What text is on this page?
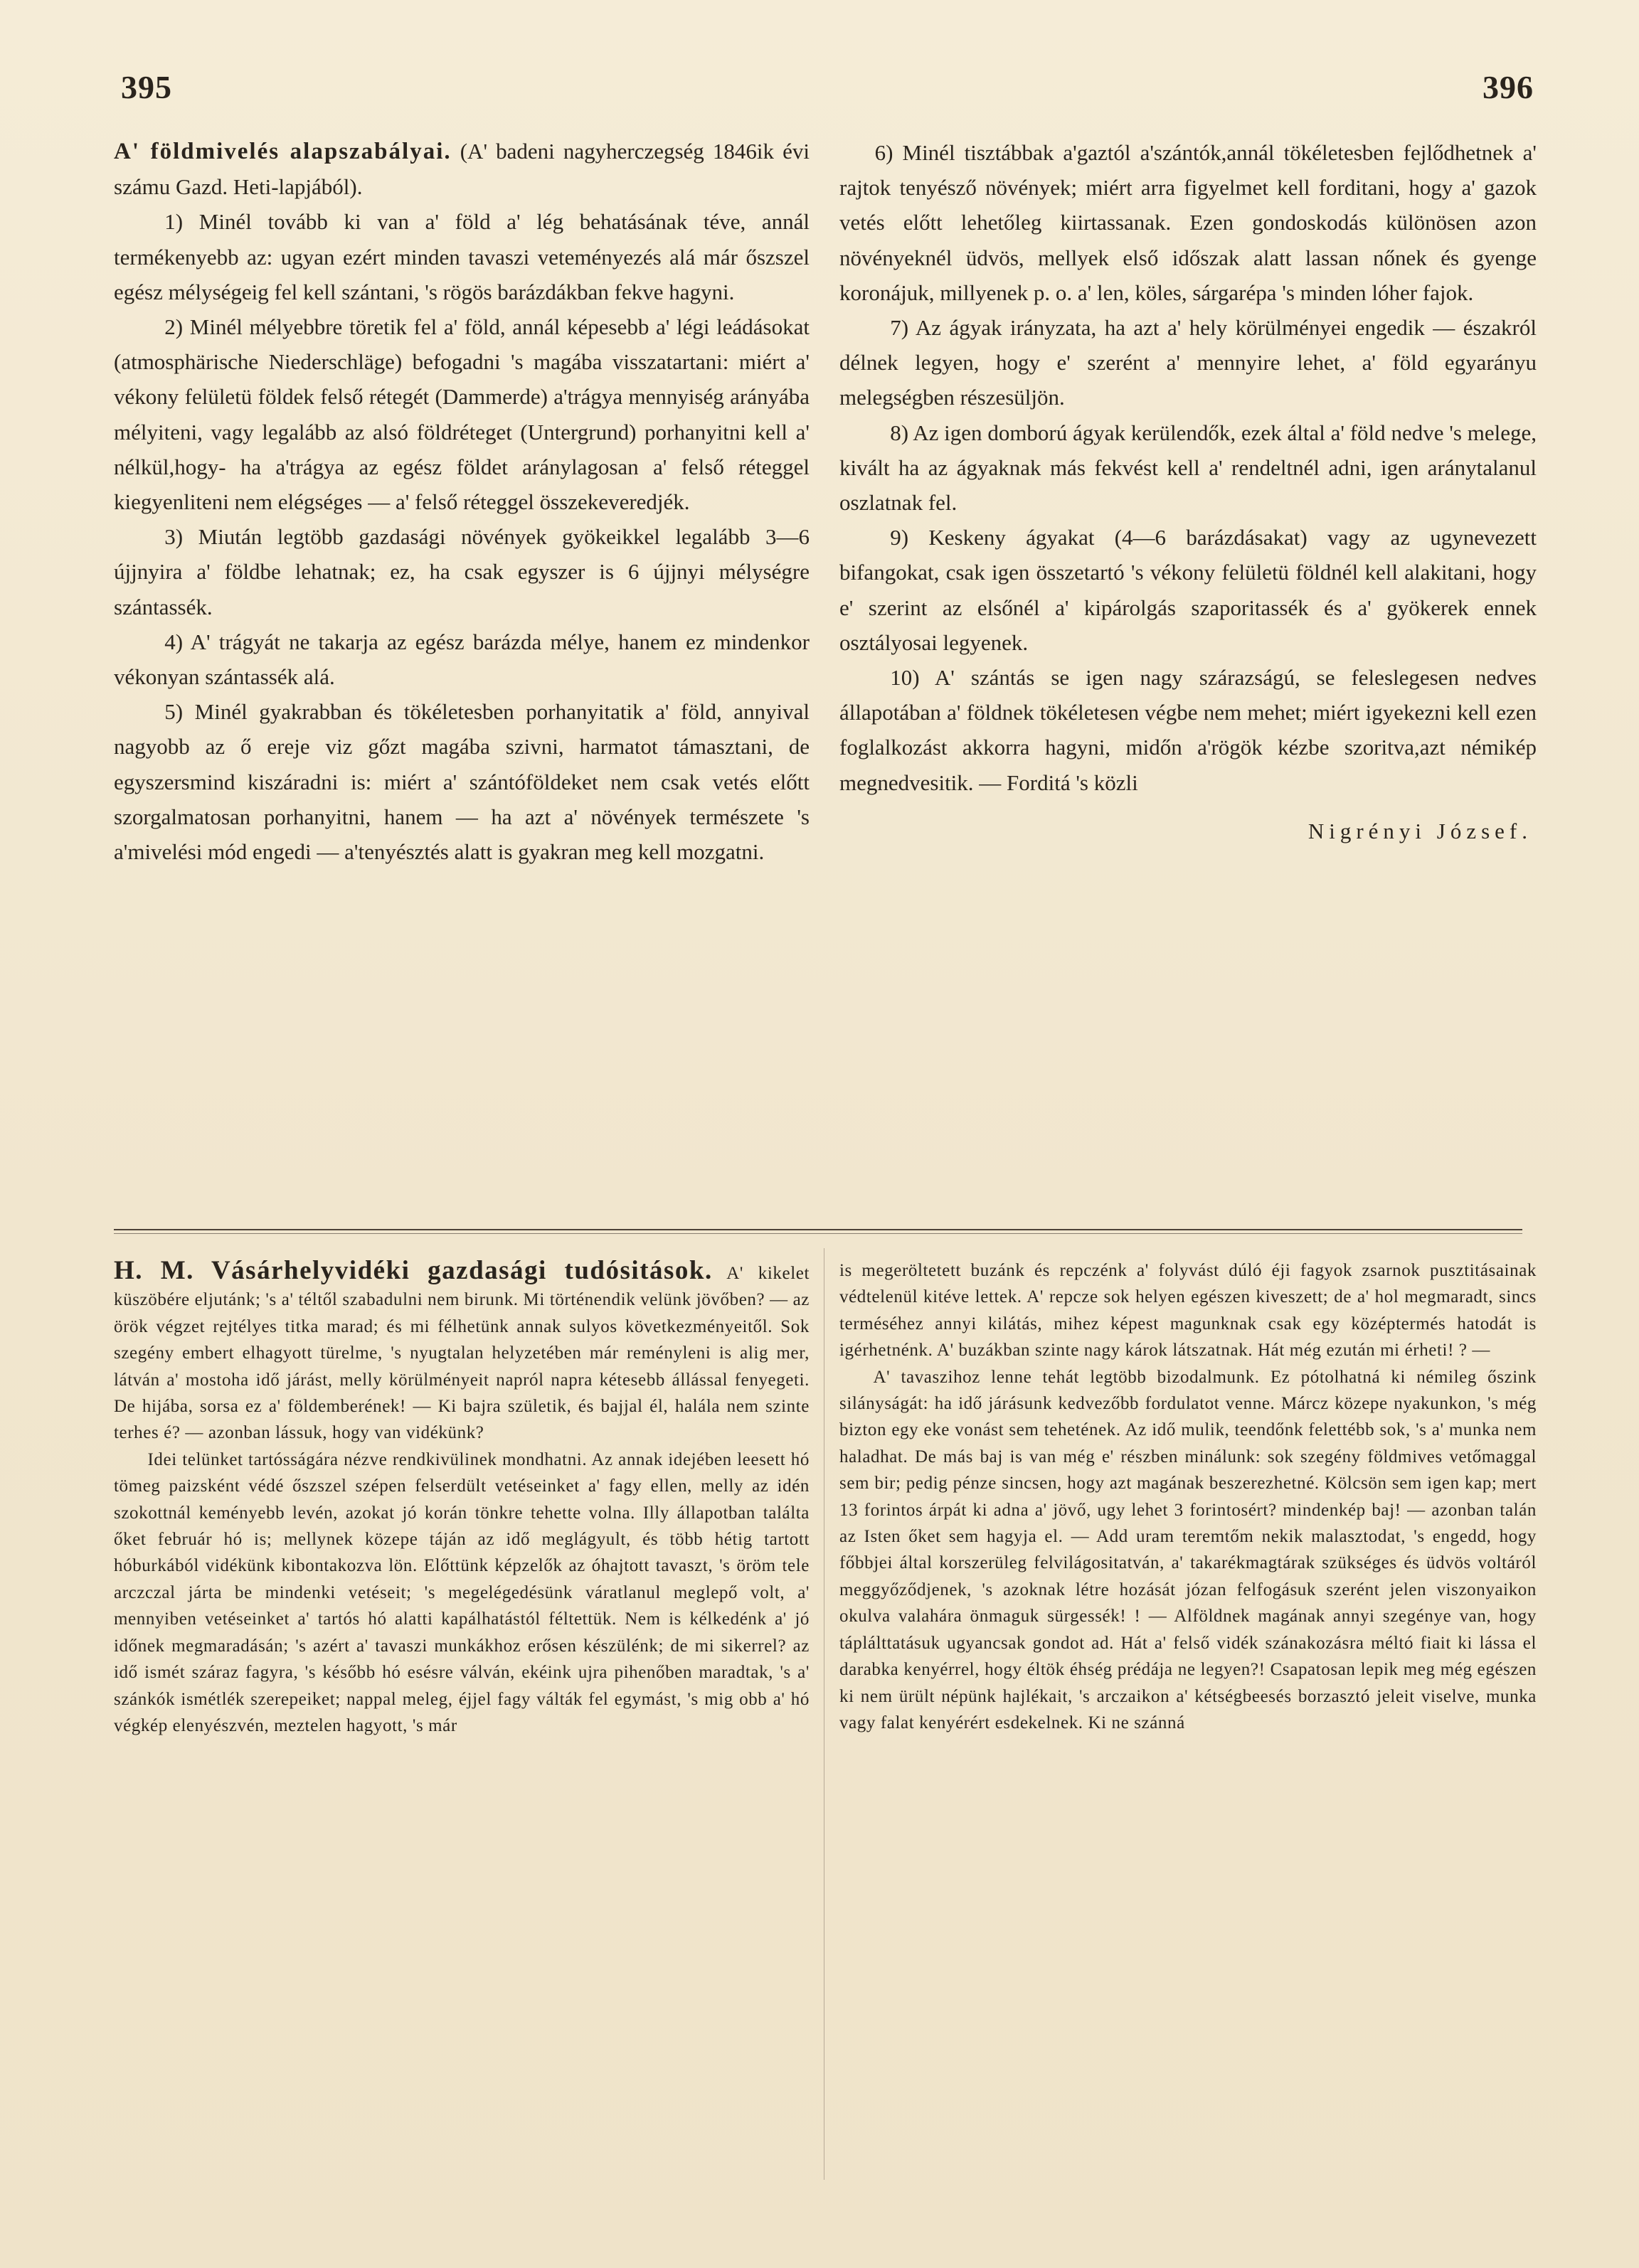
395	396

A' földmivelés alapszabályai. (A' badeni nagyherczegség 1846ik évi számu Gazd. Heti-lapjából).

1) Minél tovább ki van a' föld a' lég behatásának téve, annál termékenyebb az: ugyan ezért minden tavaszi veteményezés alá már őszszel egész mélységeig fel kell szántani, 's rögös barázdákban fekve hagyni.

2) Minél mélyebbre töretik fel a' föld, annál képesebb a' légi leádásokat (atmosphärische Niederschläge) befogadni 's magába visszatartani: miért a' vékony felületü földek felső rétegét (Dammerde) a'trágya mennyiség arányába mélyiteni, vagy legalább az alsó földréteget (Untergrund) porhanyitni kell a' nélkül,hogy- ha a'trágya az egész földet aránylagosan a' felső réteggel kiegyenliteni nem elégséges — a' felső réteggel összekeveredjék.

3) Miután legtöbb gazdasági növények gyökeikkel legalább 3—6 újjnyira a' földbe lehatnak; ez, ha csak egyszer is 6 újjnyi mélységre szántassék.

4) A' trágyát ne takarja az egész barázda mélye, hanem ez mindenkor vékonyan szántassék alá.

5) Minél gyakrabban és tökéletesben porhanyitatik a' föld, annyival nagyobb az ő ereje viz gőzt magába szivni, harmatot támasztani, de egyszersmind kiszáradni is: miért a' szántóföldeket nem csak vetés előtt szorgalmatosan porhanyitni, hanem — ha azt a' növények természete 's a'mivelési mód engedi — a'tenyésztés alatt is gyakran meg kell mozgatni.

6) Minél tisztábbak a'gaztól a'szántók,annál tökéletesben fejlődhetnek a' rajtok tenyésző növények; miért arra figyelmet kell forditani, hogy a' gazok vetés előtt lehetőleg kiirtassanak. Ezen gondoskodás különösen azon növényeknél üdvös, mellyek első időszak alatt lassan nőnek és gyenge koronájuk, millyenek p. o. a' len, köles, sárgarépa 's minden lóher fajok.

7) Az ágyak irányzata, ha azt a' hely körülményei engedik — északról délnek legyen, hogy e' szerént a' mennyire lehet, a' föld egyarányu melegségben részesüljön.

8) Az igen domború ágyak kerülendők, ezek által a' föld nedve 's melege, kivált ha az ágyaknak más fekvést kell a' rendeltnél adni, igen aránytalanul oszlatnak fel.

9) Keskeny ágyakat (4—6 barázdásakat) vagy az ugynevezett bifangokat, csak igen összetartó 's vékony felületü földnél kell alakitani, hogy e' szerint az elsőnél a' kipárolgás szaporitassék és a' gyökerek ennek osztályosai legyenek.

10) A' szántás se igen nagy szárazságú, se feleslegesen nedves állapotában a' földnek tökéletesen végbe nem mehet; miért igyekezni kell ezen foglalkozást akkorra hagyni, midőn a'rögök kézbe szoritva,azt némikép megnedvesitik. — Forditá 's közli

Nigrényi József.

H. M. Vásárhelyvidéki gazdasági tudósitások. A' kikelet küszöbére eljutánk; 's a' téltől szabadulni nem birunk. Mi történendik velünk jövőben? — az örök végzet rejtélyes titka marad; és mi félhetünk annak sulyos következményeitől. Sok szegény embert elhagyott türelme, 's nyugtalan helyzetében már reményleni is alig mer, látván a' mostoha idő járást, melly körülményeit napról napra kétesebb állással fenyegeti. De hijába, sorsa ez a' földemberének! — Ki bajra születik, és bajjal él, halála nem szinte terhes é? — azonban lássuk, hogy van vidékünk?

Idei telünket tartósságára nézve rendkivülinek mondhatni. Az annak idejében leesett hó tömeg paizsként védé őszszel szépen felserdült vetéseinket a' fagy ellen, melly az idén szokottnál keményebb levén, azokat jó korán tönkre tehette volna. Illy állapotban találta őket február hó is; mellynek közepe táján az idő meglágyult, és több hétig tartott hóburkából vidékünk kibontakozva lön. Előttünk képzelők az óhajtott tavaszt, 's öröm tele arczczal járta be mindenki vetéseit; 's megelégedésünk váratlanul meglepő volt, a' mennyiben vetéseinket a' tartós hó alatti kapálhatástól féltettük. Nem is kélkedénk a' jó időnek megmaradásán; 's azért a' tavaszi munkákhoz erősen készülénk; de mi sikerrel? az idő ismét száraz fagyra, 's később hó esésre válván, ekéink ujra pihenőben maradtak, 's a' szánkók ismétlék szerepeiket; nappal meleg, éjjel fagy válták fel egymást, 's mig obb a' hó végkép elenyészvén, meztelen hagyott, 's már

is megeröltetett buzánk és repczénk a' folyvást dúló éji fagyok zsarnok pusztitásainak védtelenül kitéve lettek. A' repcze sok helyen egészen kiveszett; de a' hol megmaradt, sincs terméséhez annyi kilátás, mihez képest magunknak csak egy középtermés hatodát is igérhetnénk. A' buzákban szinte nagy károk látszatnak. Hát még ezután mi érheti! ? —

A' tavaszihoz lenne tehát legtöbb bizodalmunk. Ez pótolhatná ki némileg őszink silányságát: ha idő járásunk kedvezőbb fordulatot venne. Márcz közepe nyakunkon, 's még bizton egy eke vonást sem tehetének. Az idő mulik, teendőnk felettébb sok, 's a' munka nem haladhat. De más baj is van még e' részben minálunk: sok szegény földmives vetőmaggal sem bir; pedig pénze sincsen, hogy azt magának beszerezhetné. Kölcsön sem igen kap; mert 13 forintos árpát ki adna a' jövő, ugy lehet 3 forintosért? mindenkép baj! — azonban talán az Isten őket sem hagyja el. — Add uram teremtőm nekik malasztodat, 's engedd, hogy főbbjei által korszerüleg felvilágositatván, a' takarékmagtárak szükséges és üdvös voltáról meggyőződjenek, 's azoknak létre hozását józan felfogásuk szerént jelen viszonyaikon okulva valahára önmaguk sürgessék! ! — Alföldnek magának annyi szegénye van, hogy táplálttatásuk ugyancsak gondot ad. Hát a' felső vidék szánakozásra méltó fiait ki lássa el darabka kenyérrel, hogy éltök éhség prédája ne legyen?! Csapatosan lepik meg még egészen ki nem ürült népünk hajlékait, 's arczaikon a' kétségbeesés borzasztó jeleit viselve, munka vagy falat kenyérért esdekelnek. Ki ne szánná
